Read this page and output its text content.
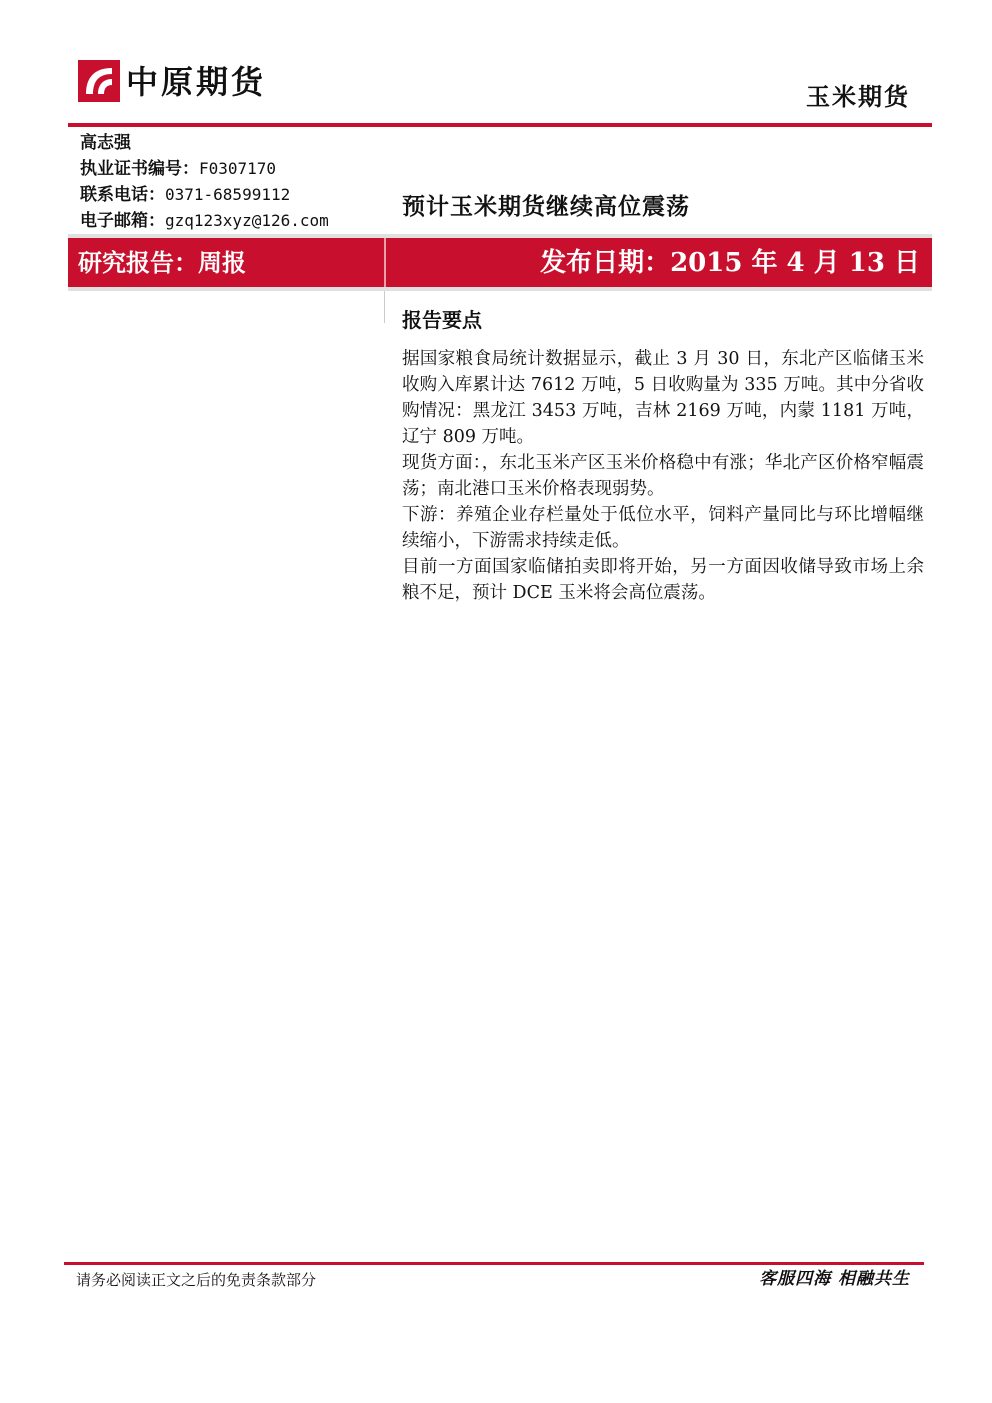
中原期货	玉米期货
高志强
执业证书编号：F0307170
联系电话：0371-68599112
电子邮箱：gzq123xyz@126.com
预计玉米期货继续高位震荡
研究报告：周报	发布日期：2015 年 4 月 13 日
报告要点

据国家粮食局统计数据显示，截止 3 月 30 日，东北产区临储玉米收购入库累计达 7612 万吨，5 日收购量为 335 万吨。其中分省收购情况：黑龙江 3453 万吨，吉林 2169 万吨，内蒙 1181 万吨，辽宁 809 万吨。

现货方面：，东北玉米产区玉米价格稳中有涨；华北产区价格窄幅震荡；南北港口玉米价格表现弱势。

下游：养殖企业存栏量处于低位水平，饲料产量同比与环比增幅继续缩小，下游需求持续走低。

目前一方面国家临储拍卖即将开始，另一方面因收储导致市场上余粮不足，预计 DCE 玉米将会高位震荡。

请务必阅读正文之后的免责条款部分	客服四海 相融共生
